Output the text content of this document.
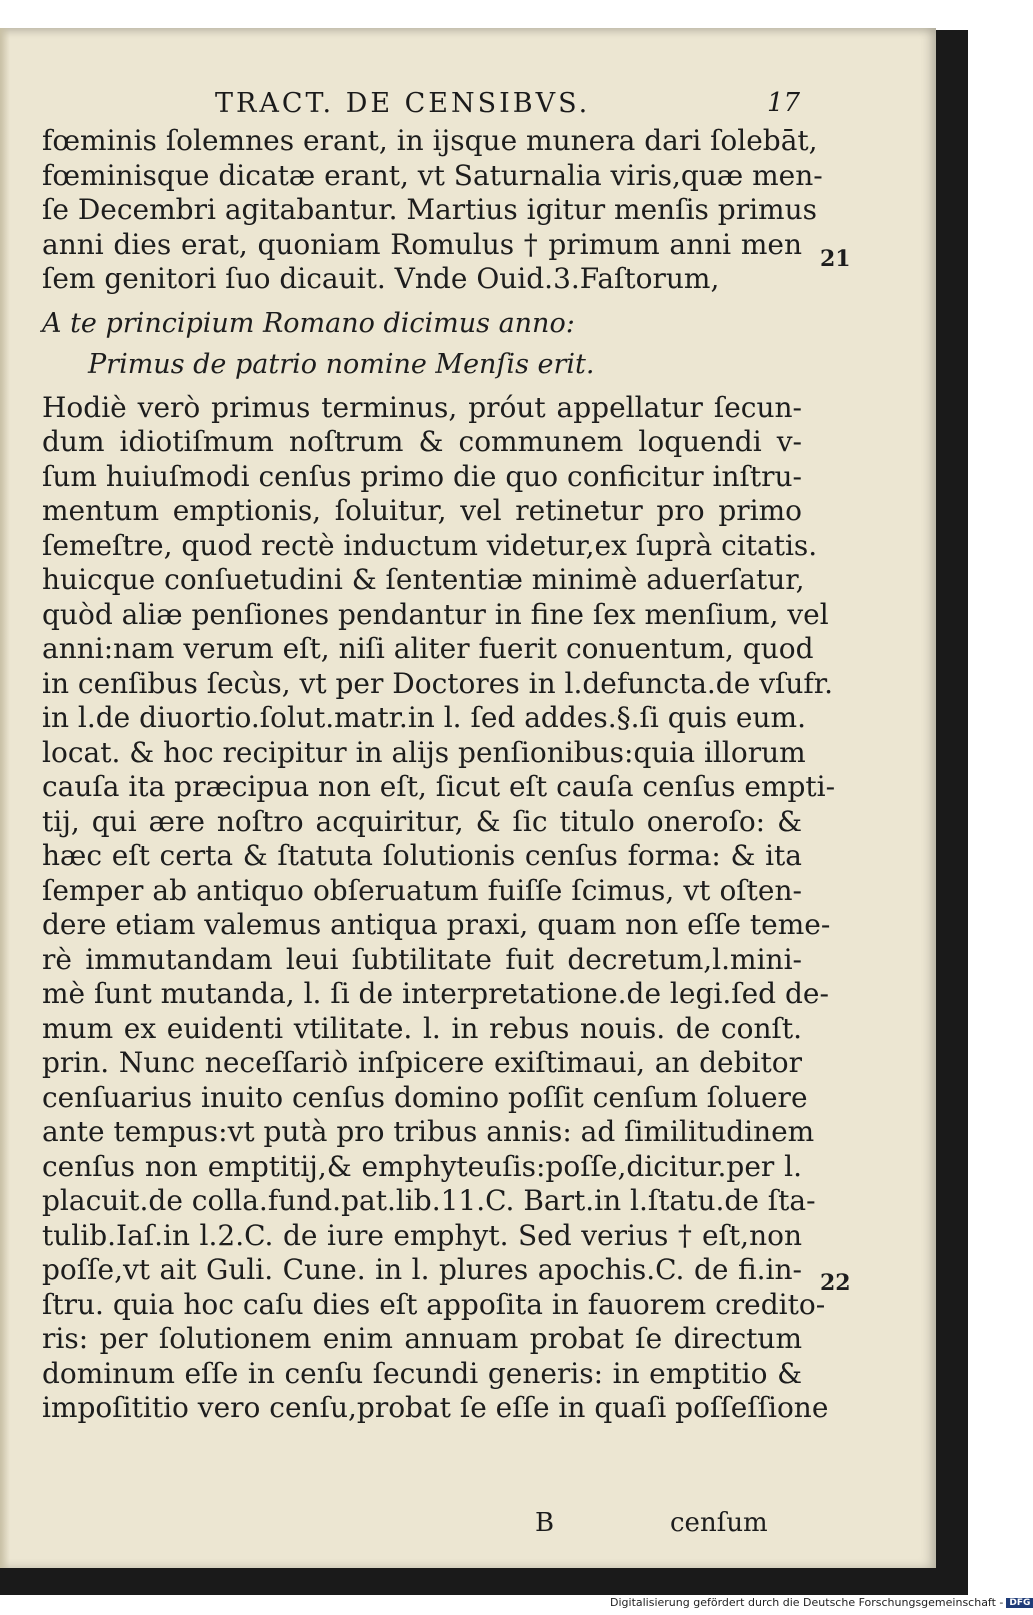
TRACT. DE CENSIBVS.	17
fœminis ſolemnes erant, in ijsque munera dari ſolebāt,
fœminisque dicatæ erant, vt Saturnalia viris,quæ men-
ſe Decembri agitabantur. Martius igitur menſis primus
anni dies erat, quoniam Romulus † primum anni men
ſem genitori ſuo dicauit. Vnde Ouid.3.Faſtorum,
A te principium Romano dicimus anno:
Primus de patrio nomine Menſis erit.
Hodiè verò primus terminus, próut appellatur ſecun-
dum idiotiſmum noſtrum & communem loquendi v-
ſum huiuſmodi cenſus primo die quo conficitur inſtru-
mentum emptionis, ſoluitur, vel retinetur pro primo
ſemeſtre, quod rectè inductum videtur,ex ſuprà citatis.
huicque conſuetudini & ſententiæ minimè aduerſatur,
quòd aliæ penſiones pendantur in fine ſex menſium, vel
anni:nam verum eſt, niſi aliter fuerit conuentum, quod
in cenſibus ſecùs, vt per Doctores in l.defuncta.de vſufr.
in l.de diuortio.ſolut.matr.in l. ſed addes.§.ſi quis eum.
locat. & hoc recipitur in alijs penſionibus:quia illorum
cauſa ita præcipua non eſt, ſicut eſt cauſa cenſus empti-
tij, qui ære noſtro acquiritur, & ſic titulo oneroſo: &
hæc eſt certa & ſtatuta ſolutionis cenſus forma: & ita
ſemper ab antiquo obſeruatum fuiſſe ſcimus, vt oſten-
dere etiam valemus antiqua praxi, quam non eſſe teme-
rè immutandam leui ſubtilitate fuit decretum,l.mini-
mè ſunt mutanda, l. ſi de interpretatione.de legi.ſed de-
mum ex euidenti vtilitate. l. in rebus nouis. de conſt.
prin. Nunc neceſſariò inſpicere exiſtimaui, an debitor
cenſuarius inuito cenſus domino poſſit cenſum ſoluere
ante tempus:vt putà pro tribus annis: ad ſimilitudinem
cenſus non emptitij,& emphyteuſis:poſſe,dicitur.per l.
placuit.de colla.fund.pat.lib.11.C. Bart.in l.ſtatu.de ſta-
tulib.Iaſ.in l.2.C. de iure emphyt. Sed verius † eſt,non
poſſe,vt ait Guli. Cune. in l. plures apochis.C. de fi.in-
ſtru. quia hoc caſu dies eſt appoſita in fauorem credito-
ris: per ſolutionem enim annuam probat ſe directum
dominum eſſe in cenſu ſecundi generis: in emptitio &
impoſititio vero cenſu,probat ſe eſſe in quaſi poſſeſſione
21
22
B	cenſum
Digitalisierung gefördert durch die Deutsche Forschungsgemeinschaft - DFG
